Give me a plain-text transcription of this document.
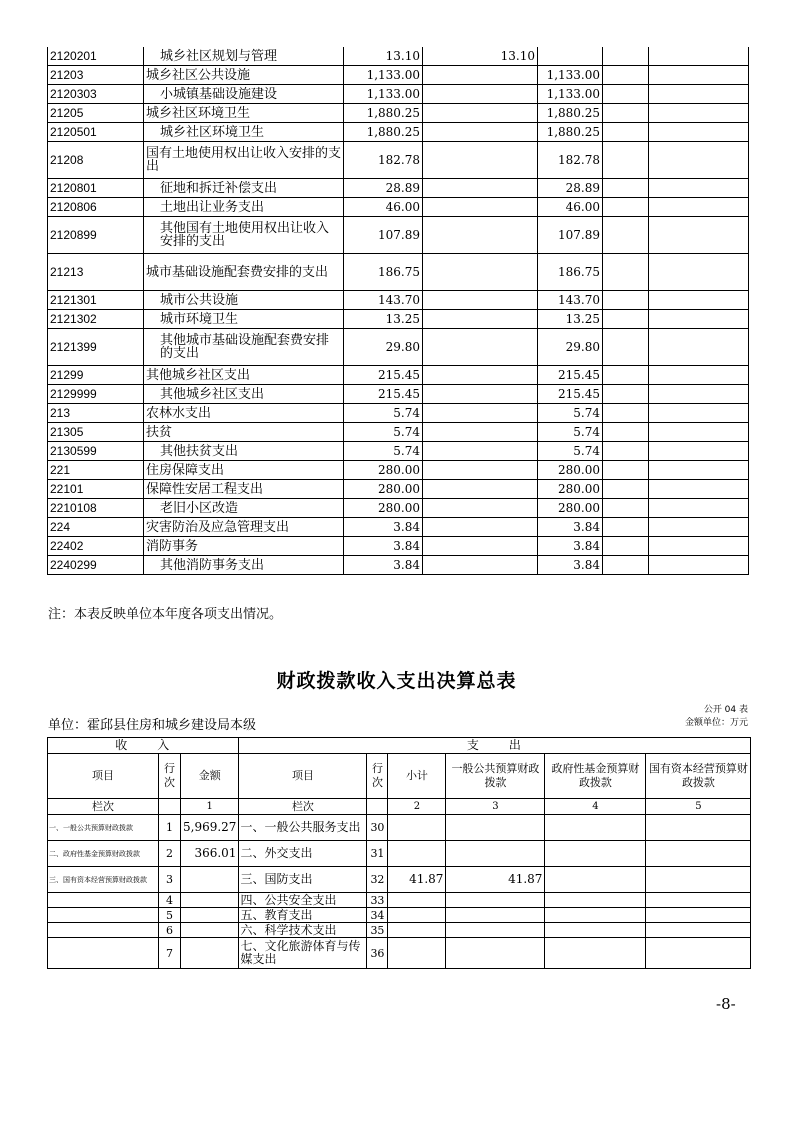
2120201	城乡社区规划与管理	13.10	13.10			
21203	城乡社区公共设施	1,133.00		1,133.00		
2120303	小城镇基础设施建设	1,133.00		1,133.00		
21205	城乡社区环境卫生	1,880.25		1,880.25		
2120501	城乡社区环境卫生	1,880.25		1,880.25		
21208	国有土地使用权出让收入安排的支出	182.78		182.78		
2120801	征地和拆迁补偿支出	28.89		28.89		
2120806	土地出让业务支出	46.00		46.00		
2120899	其他国有土地使用权出让收入安排的支出	107.89		107.89		
21213	城市基础设施配套费安排的支出	186.75		186.75		
2121301	城市公共设施	143.70		143.70		
2121302	城市环境卫生	13.25		13.25		
2121399	其他城市基础设施配套费安排的支出	29.80		29.80		
21299	其他城乡社区支出	215.45		215.45		
2129999	其他城乡社区支出	215.45		215.45		
213	农林水支出	5.74		5.74		
21305	扶贫	5.74		5.74		
2130599	其他扶贫支出	5.74		5.74		
221	住房保障支出	280.00		280.00		
22101	保障性安居工程支出	280.00		280.00		
2210108	老旧小区改造	280.00		280.00		
224	灾害防治及应急管理支出	3.84		3.84		
22402	消防事务	3.84		3.84		
2240299	其他消防事务支出	3.84		3.84		
注：本表反映单位本年度各项支出情况。
财政拨款收入支出决算总表
公开 04 表
金额单位：万元
单位：霍邱县住房和城乡建设局本级
收　　入			支　　出					
项目	行次	金额	项目	行次	小计	一般公共预算财政拨款	政府性基金预算财政拨款	国有资本经营预算财政拨款
栏次		1	栏次		2	3	4	5
一、一般公共预算财政拨款	1	5,969.27	一、一般公共服务支出	30				
二、政府性基金预算财政拨款	2	366.01	二、外交支出	31				
三、国有资本经营预算财政拨款	3		三、国防支出	32	41.87	41.87		
	4		四、公共安全支出	33				
	5		五、教育支出	34				
	6		六、科学技术支出	35				
	7		七、文化旅游体育与传媒支出	36				
-8-
